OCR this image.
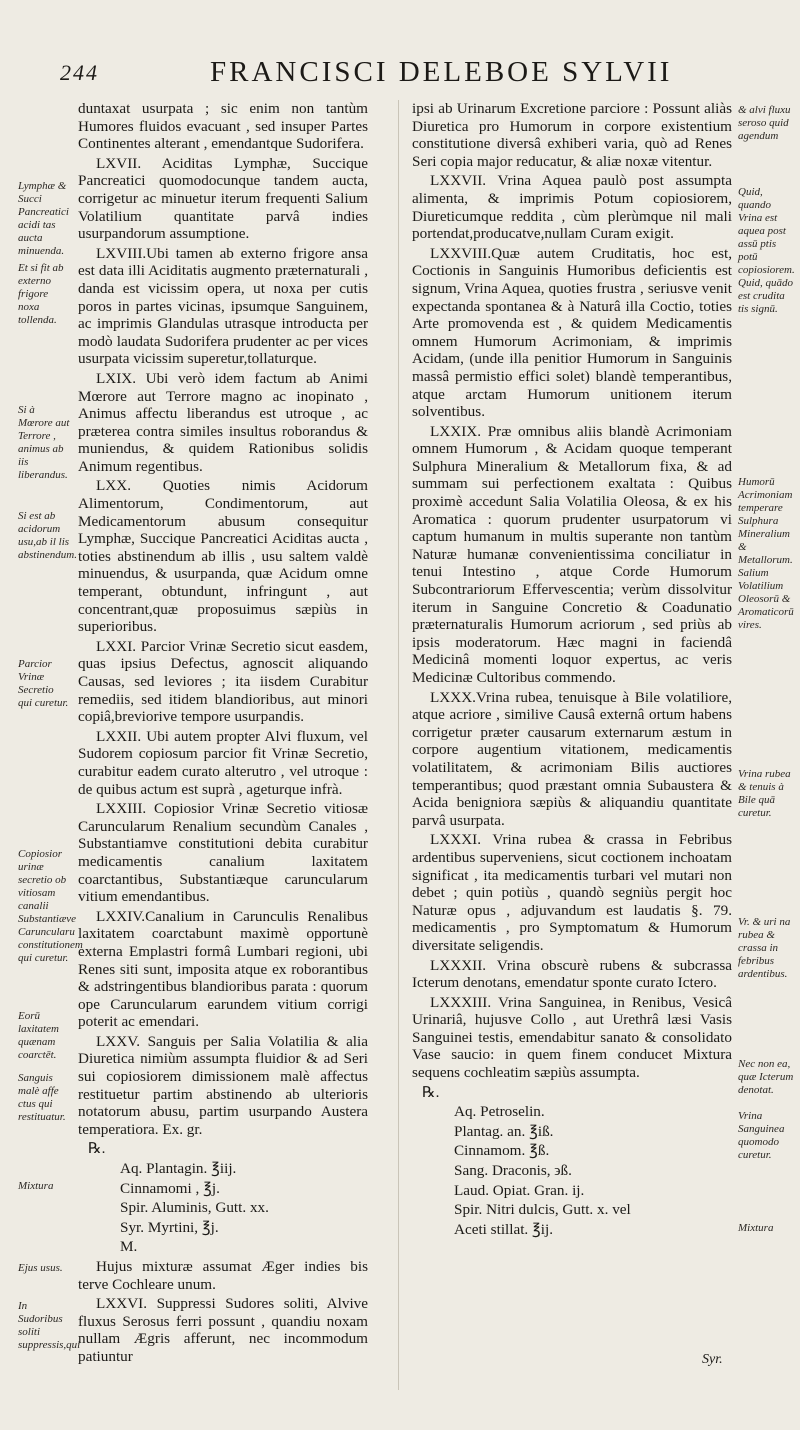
244	FRANCISCI DELEBOE SYLVII

duntaxat usurpata ; sic enim non tantùm Humores fluidos evacuant , sed insuper Partes Continentes alterant , emendantque Sudorifera.

LXVII. Aciditas Lymphæ, Succique Pancreatici quomodocunque tandem aucta, corrigetur ac minuetur iterum frequenti Salium Volatilium quantitate parvâ indies usurpandorum assumptione.

LXVIII.Ubi tamen ab externo frigore ansa est data illi Aciditatis augmento præternaturali , danda est vicissim opera, ut noxa per cutis poros in partes vicinas, ipsumque Sanguinem, ac imprimis Glandulas utrasque introducta per modò laudata Sudorifera prudenter ac per vices usurpata vicissim superetur,tollaturque.

LXIX. Ubi verò idem factum ab Animi Mœrore aut Terrore magno ac inopinato , Animus affectu liberandus est utroque , ac præterea contra similes insultus roborandus & muniendus, & quidem Rationibus solidis Animum regentibus.

LXX. Quoties nimis Acidorum Alimentorum, Condimentorum, aut Medicamentorum abusum consequitur Lymphæ, Succique Pancreatici Aciditas aucta , toties abstinendum ab illis , usu saltem valdè minuendus, & usurpanda, quæ Acidum omne temperant, obtundunt, infringunt , aut concentrant,quæ proposuimus sæpiùs in superioribus.

LXXI. Parcior Vrinæ Secretio sicut easdem, quas ipsius Defectus, agnoscit aliquando Causas, sed leviores ; ita iisdem Curabitur remediis, sed itidem blandioribus, aut minori copiâ,breviorive tempore usurpandis.

LXXII. Ubi autem propter Alvi fluxum, vel Sudorem copiosum parcior fit Vrinæ Secretio, curabitur eadem curato alterutro , vel utroque : de quibus actum est suprà , ageturque infrà.

LXXIII. Copiosior Vrinæ Secretio vitiosæ Caruncularum Renalium secundùm Canales , Substantiamve constitutioni debita curabitur medicamentis canalium laxitatem coarctantibus, Substantiæque caruncularum vitium emendantibus.

LXXIV.Canalium in Carunculis Renalibus laxitatem coarctabunt maximè opportunè externa Emplastri formâ Lumbari regioni, ubi Renes siti sunt, imposita atque ex roborantibus & adstringentibus blandioribus parata : quorum ope Caruncularum earundem vitium corrigi poterit ac emendari.

LXXV. Sanguis per Salia Volatilia & alia Diuretica nimiùm assumpta fluidior & ad Seri sui copiosiorem dimissionem malè affectus restituetur partim abstinendo ab ulterioris notatorum abusu, partim usurpando Austera temperatiora. Ex. gr.

℞.

Aq. Plantagin. ℥iij.

Cinnamomi , ℥j.

Spir. Aluminis, Gutt. xx.

Syr. Myrtini, ℥j.

M.

Hujus mixturæ assumat Æger indies bis terve Cochleare unum.

LXXVI. Suppressi Sudores soliti, Alvive fluxus Serosus ferri possunt , quandiu noxam nullam Ægris afferunt, nec incommodum patiuntur

ipsi ab Urinarum Excretione parciore : Possunt aliàs Diuretica pro Humorum in corpore existentium constitutione diversâ exhiberi varia, quò ad Renes Seri copia major reducatur, & aliæ noxæ vitentur.

LXXVII. Vrina Aquea paulò post assumpta alimenta, & imprimis Potum copiosiorem, Diureticumque reddita , cùm plerùmque nil mali portendat,producatve,nullam Curam exigit.

LXXVIII.Quæ autem Cruditatis, hoc est, Coctionis in Sanguinis Humoribus deficientis est signum, Vrina Aquea, quoties frustra , seriusve venit expectanda spontanea & à Naturâ illa Coctio, toties Arte promovenda est , & quidem Medicamentis omnem Humorum Acrimoniam, & imprimis Acidam, (unde illa penitior Humorum in Sanguinis massâ permistio effici solet) blandè temperantibus, atque arctam Humorum unitionem iterum solventibus.

LXXIX. Præ omnibus aliis blandè Acrimoniam omnem Humorum , & Acidam quoque temperant Sulphura Mineralium & Metallorum fixa, & ad summam sui perfectionem exaltata : Quibus proximè accedunt Salia Volatilia Oleosa, & ex his Aromatica : quorum prudenter usurpatorum vi captum humanum in multis superante non tantùm Naturæ humanæ convenientissima conciliatur in tenui Intestino , atque Corde Humorum Subcontrariorum Effervescentia; verùm dissolvitur iterum in Sanguine Concretio & Coadunatio præternaturalis Humorum acriorum , sed priùs ab ipsis moderatorum. Hæc magni in faciendâ Medicinâ momenti loquor expertus, ac veris Medicinæ Cultoribus commendo.

LXXX.Vrina rubea, tenuisque à Bile volatiliore, atque acriore , similive Causâ externâ ortum habens corrigetur præter causarum externarum æstum in corpore augentium vitationem, medicamentis volatilitatem, & acrimoniam Bilis auctiores temperantibus; quod præstant omnia Subaustera & Acida benigniora sæpiùs & aliquandiu quantitate parvâ usurpata.

LXXXI. Vrina rubea & crassa in Febribus ardentibus superveniens, sicut coctionem inchoatam significat , ita medicamentis turbari vel mutari non debet ; quin potiùs , quandò segniùs pergit hoc Naturæ opus , adjuvandum est laudatis §. 79. medicamentis , pro Symptomatum & Humorum diversitate seligendis.

LXXXII. Vrina obscurè rubens & subcrassa Icterum denotans, emendatur sponte curato Ictero.

LXXXIII. Vrina Sanguinea, in Renibus, Vesicâ Urinariâ, hujusve Collo , aut Urethrâ læsi Vasis Sanguinei testis, emendabitur sanato & consolidato Vase saucio: in quem finem conducet Mixtura sequens cochleatim sæpiùs assumpta.

℞.

Aq. Petroselin.

Plantag. an. ℥iß.

Cinnamom. ℥ß.

Sang. Draconis, ϶ß.

Laud. Opiat. Gran. ij.

Spir. Nitri dulcis, Gutt. x. vel

Aceti stillat. ℥ij.

Lymphæ & Succi Pancreatici acidi tas aucta minuenda.
Et si fit ab externo frigore noxa tollenda.
Si à Mœrore aut Terrore , animus ab iis liberandus.
Si est ab acidorum usu,ab il lis abstinendum.
Parcior Vrinæ Secretio qui curetur.
Copiosior urinæ secretio ob vitiosam canalii Substantiæve Caruncularu constitutionem qui curetur.
Eorū laxitatem quænam coarctēt.
Sanguis malè affe ctus qui restituatur.
Mixtura
Ejus usus.
In Sudoribus soliti suppressis,qui
& alvi fluxu seroso quid agendum
Quid, quando Vrina est aquea post assū ptis potū copiosiorem. Quid, quādo est crudita tis signū.
Humorū Acrimoniam temperare Sulphura Mineralium & Metallorum. Salium Volatilium Oleosorū & Aromaticorū vires.
Vrina rubea & tenuis à Bile quā curetur.
Vr. & uri na rubea & crassa in febribus ardentibus.
Nec non ea, quæ Icterum denotat.
Vrina Sanguinea quomodo curetur.
Mixtura
Syr.
